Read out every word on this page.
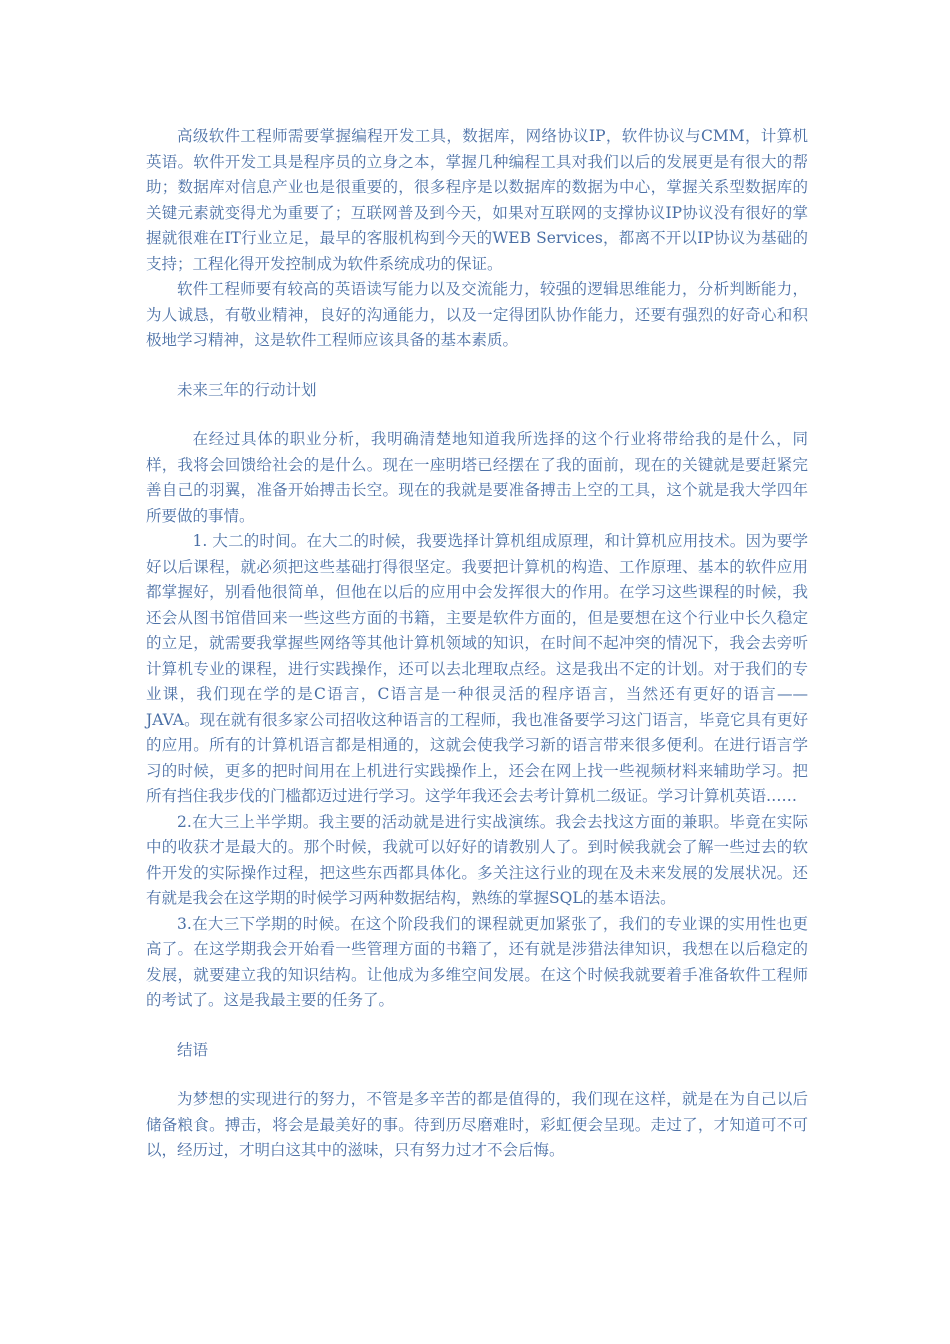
高级软件工程师需要掌握编程开发工具，数据库，网络协议IP，软件协议与CMM，计算机英语。软件开发工具是程序员的立身之本，掌握几种编程工具对我们以后的发展更是有很大的帮助；数据库对信息产业也是很重要的，很多程序是以数据库的数据为中心，掌握关系型数据库的关键元素就变得尤为重要了；互联网普及到今天，如果对互联网的支撑协议IP协议没有很好的掌握就很难在IT行业立足，最早的客服机构到今天的WEB Services，都离不开以IP协议为基础的支持；工程化得开发控制成为软件系统成功的保证。

软件工程师要有较高的英语读写能力以及交流能力，较强的逻辑思维能力，分析判断能力，为人诚恳，有敬业精神，良好的沟通能力，以及一定得团队协作能力，还要有强烈的好奇心和积极地学习精神，这是软件工程师应该具备的基本素质。

未来三年的行动计划

在经过具体的职业分析，我明确清楚地知道我所选择的这个行业将带给我的是什么，同样，我将会回馈给社会的是什么。现在一座明塔已经摆在了我的面前，现在的关键就是要赶紧完善自己的羽翼，准备开始搏击长空。现在的我就是要准备搏击上空的工具，这个就是我大学四年所要做的事情。

1. 大二的时间。在大二的时候，我要选择计算机组成原理，和计算机应用技术。因为要学好以后课程，就必须把这些基础打得很坚定。我要把计算机的构造、工作原理、基本的软件应用都掌握好，别看他很简单，但他在以后的应用中会发挥很大的作用。在学习这些课程的时候，我还会从图书馆借回来一些这些方面的书籍，主要是软件方面的，但是要想在这个行业中长久稳定的立足，就需要我掌握些网络等其他计算机领域的知识，在时间不起冲突的情况下，我会去旁听计算机专业的课程，进行实践操作，还可以去北理取点经。这是我出不定的计划。对于我们的专业课，我们现在学的是C语言，C语言是一种很灵活的程序语言，当然还有更好的语言——JAVA。现在就有很多家公司招收这种语言的工程师，我也准备要学习这门语言，毕竟它具有更好的应用。所有的计算机语言都是相通的，这就会使我学习新的语言带来很多便利。在进行语言学习的时候，更多的把时间用在上机进行实践操作上，还会在网上找一些视频材料来辅助学习。把所有挡住我步伐的门槛都迈过进行学习。这学年我还会去考计算机二级证。学习计算机英语……

2.在大三上半学期。我主要的活动就是进行实战演练。我会去找这方面的兼职。毕竟在实际中的收获才是最大的。那个时候，我就可以好好的请教别人了。到时候我就会了解一些过去的软件开发的实际操作过程，把这些东西都具体化。多关注这行业的现在及未来发展的发展状况。还有就是我会在这学期的时候学习两种数据结构，熟练的掌握SQL的基本语法。

3.在大三下学期的时候。在这个阶段我们的课程就更加紧张了，我们的专业课的实用性也更高了。在这学期我会开始看一些管理方面的书籍了，还有就是涉猎法律知识，我想在以后稳定的发展，就要建立我的知识结构。让他成为多维空间发展。在这个时候我就要着手准备软件工程师的考试了。这是我最主要的任务了。

结语

为梦想的实现进行的努力，不管是多辛苦的都是值得的，我们现在这样，就是在为自己以后储备粮食。搏击，将会是最美好的事。待到历尽磨难时，彩虹便会呈现。走过了，才知道可不可以，经历过，才明白这其中的滋味，只有努力过才不会后悔。
